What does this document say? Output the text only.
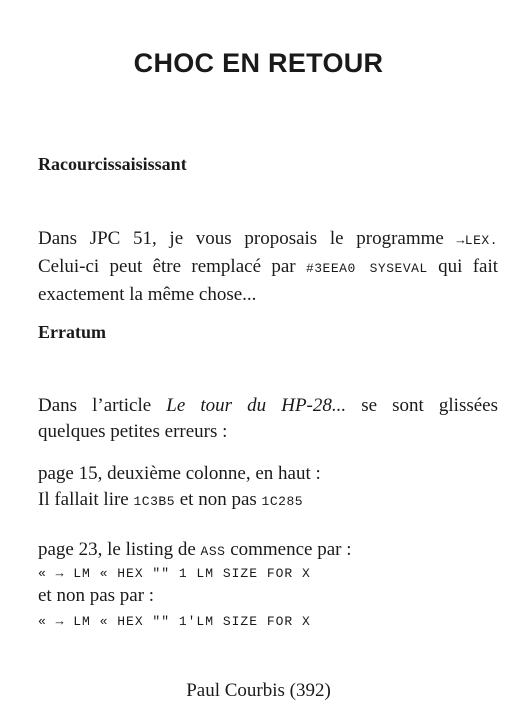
CHOC EN RETOUR
Racourcissaisissant
Dans JPC 51, je vous proposais le programme →LEX.
Celui-ci peut être remplacé par #3EEA0 SYSEVAL qui fait
exactement la même chose...
Erratum
Dans l’article Le tour du HP-28... se sont glissées
quelques petites erreurs :
page 15, deuxième colonne, en haut :
Il fallait lire 1C3B5 et non pas 1C285
page 23, le listing de ASS commence par :
« → LM « HEX "" 1 LM SIZE FOR X
et non pas par :
« → LM « HEX "" 1'LM SIZE FOR X
Paul Courbis (392)
